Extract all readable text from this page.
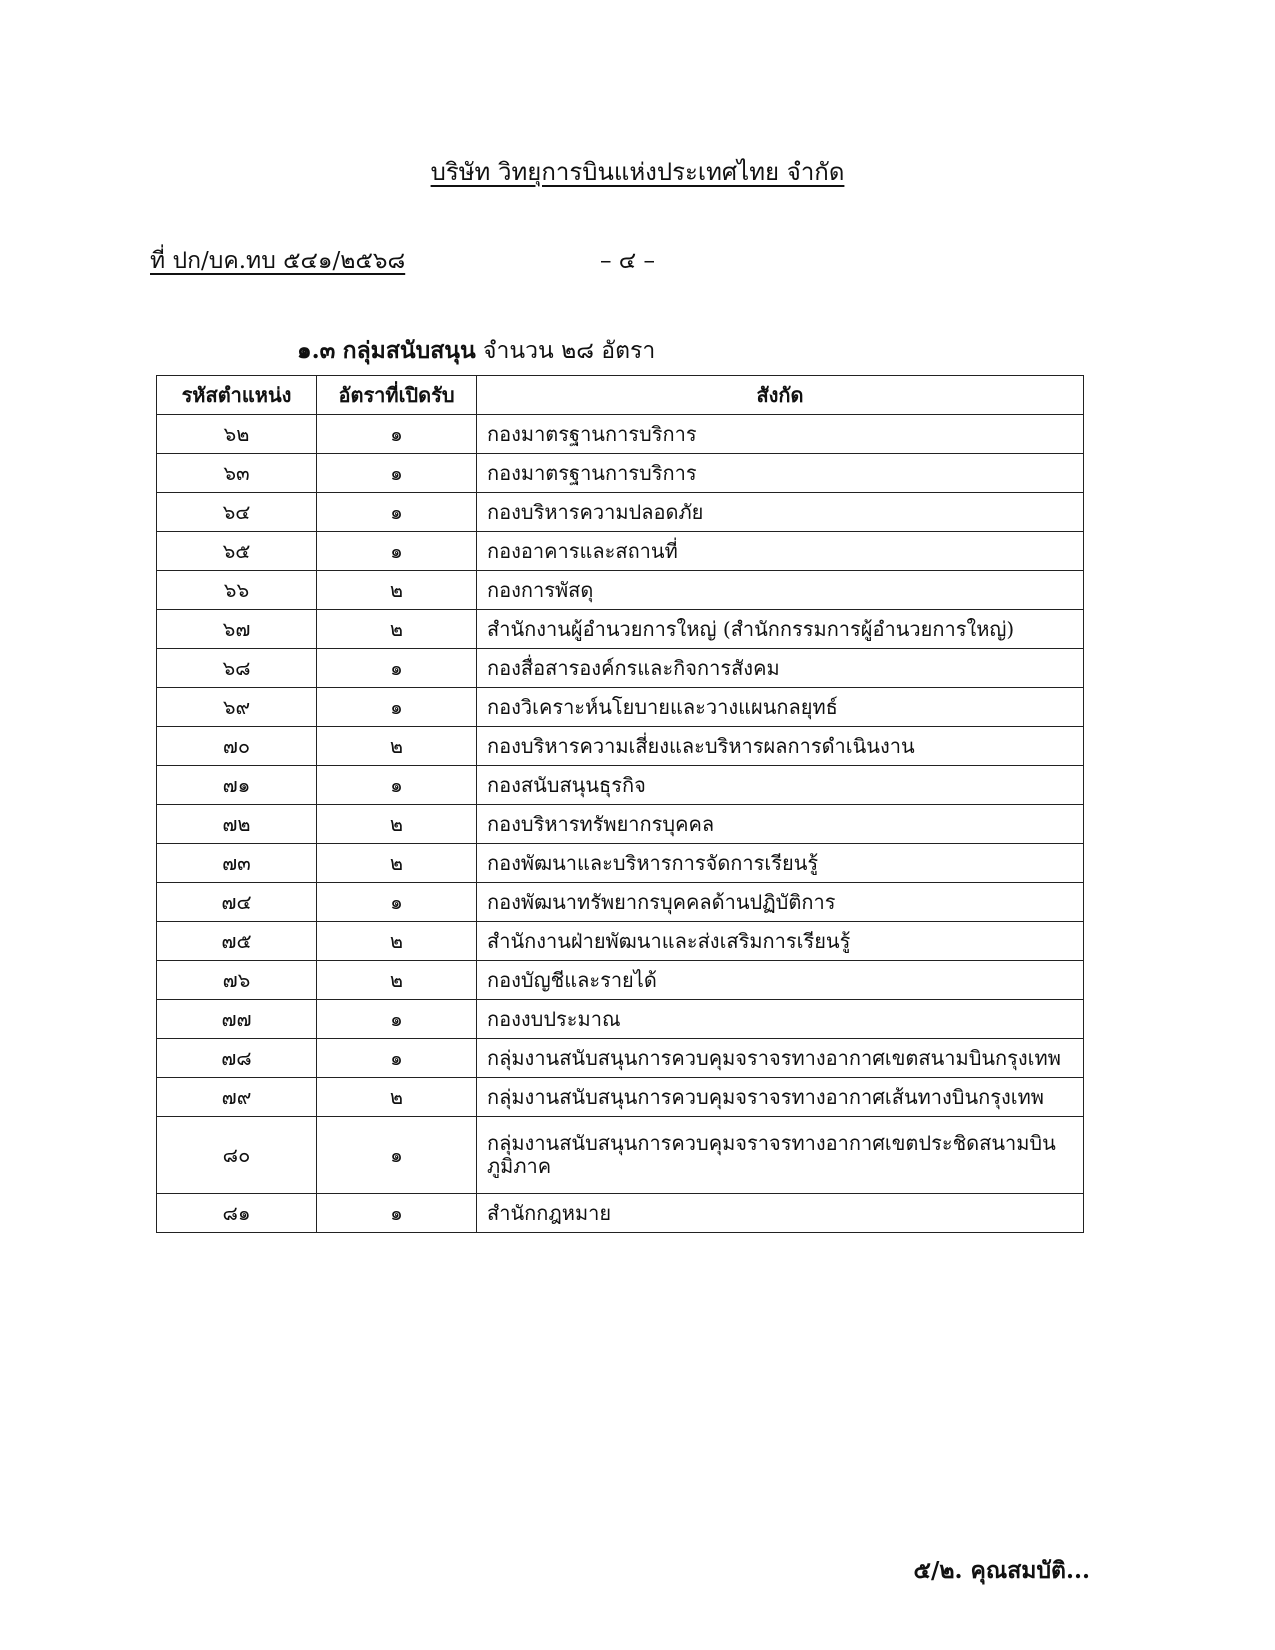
บริษัท วิทยุการบินแห่งประเทศไทย จำกัด
ที่ ปก/บค.ทบ ๕๔๑/๒๕๖๘	– ๔ –
๑.๓ กลุ่มสนับสนุน จำนวน ๒๘ อัตรา
รหัสตำแหน่ง	อัตราที่เปิดรับ	สังกัด
๖๒	๑	กองมาตรฐานการบริการ
๖๓	๑	กองมาตรฐานการบริการ
๖๔	๑	กองบริหารความปลอดภัย
๖๕	๑	กองอาคารและสถานที่
๖๖	๒	กองการพัสดุ
๖๗	๒	สำนักงานผู้อำนวยการใหญ่ (สำนักกรรมการผู้อำนวยการใหญ่)
๖๘	๑	กองสื่อสารองค์กรและกิจการสังคม
๖๙	๑	กองวิเคราะห์นโยบายและวางแผนกลยุทธ์
๗๐	๒	กองบริหารความเสี่ยงและบริหารผลการดำเนินงาน
๗๑	๑	กองสนับสนุนธุรกิจ
๗๒	๒	กองบริหารทรัพยากรบุคคล
๗๓	๒	กองพัฒนาและบริหารการจัดการเรียนรู้
๗๔	๑	กองพัฒนาทรัพยากรบุคคลด้านปฏิบัติการ
๗๕	๒	สำนักงานฝ่ายพัฒนาและส่งเสริมการเรียนรู้
๗๖	๒	กองบัญชีและรายได้
๗๗	๑	กองงบประมาณ
๗๘	๑	กลุ่มงานสนับสนุนการควบคุมจราจรทางอากาศเขตสนามบินกรุงเทพ
๗๙	๒	กลุ่มงานสนับสนุนการควบคุมจราจรทางอากาศเส้นทางบินกรุงเทพ
๘๐	๑	กลุ่มงานสนับสนุนการควบคุมจราจรทางอากาศเขตประชิดสนามบินภูมิภาค
๘๑	๑	สำนักกฎหมาย
๕/๒. คุณสมบัติ...
